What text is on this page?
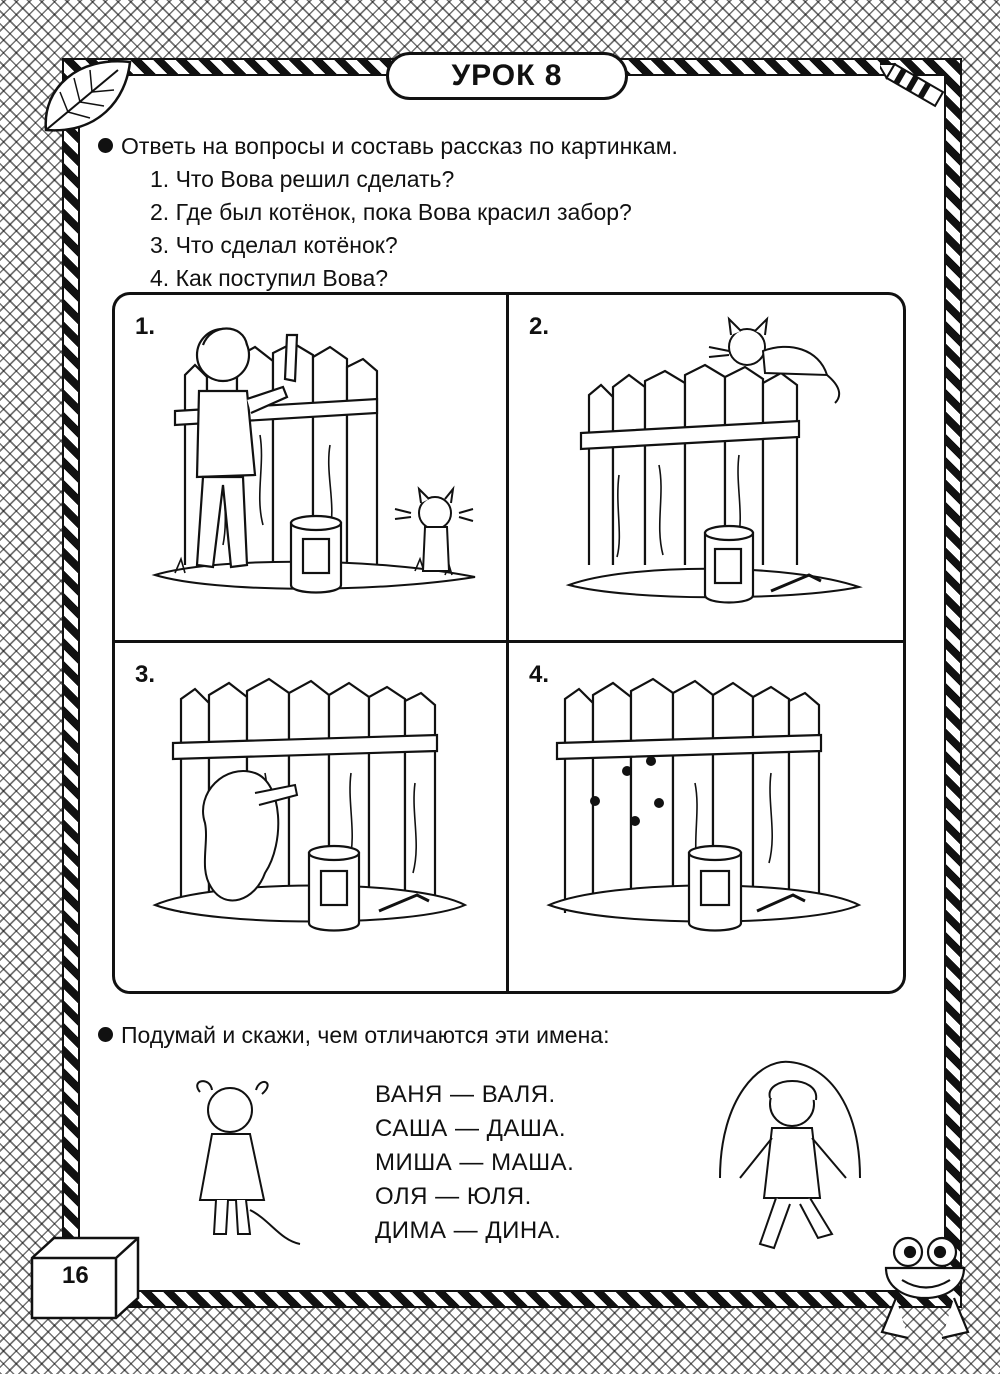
УРОК 8
Ответь на вопросы и составь рассказ по картинкам.
1. Что Вова решил сделать?
2. Где был котёнок, пока Вова красил забор?
3. Что сделал котёнок?
4. Как поступил Вова?
1.	2.
3.	4.
Подумай и скажи, чем отличаются эти имена:
ВАНЯ — ВАЛЯ.
САША — ДАША.
МИША — МАША.
ОЛЯ — ЮЛЯ.
ДИМА — ДИНА.
16
